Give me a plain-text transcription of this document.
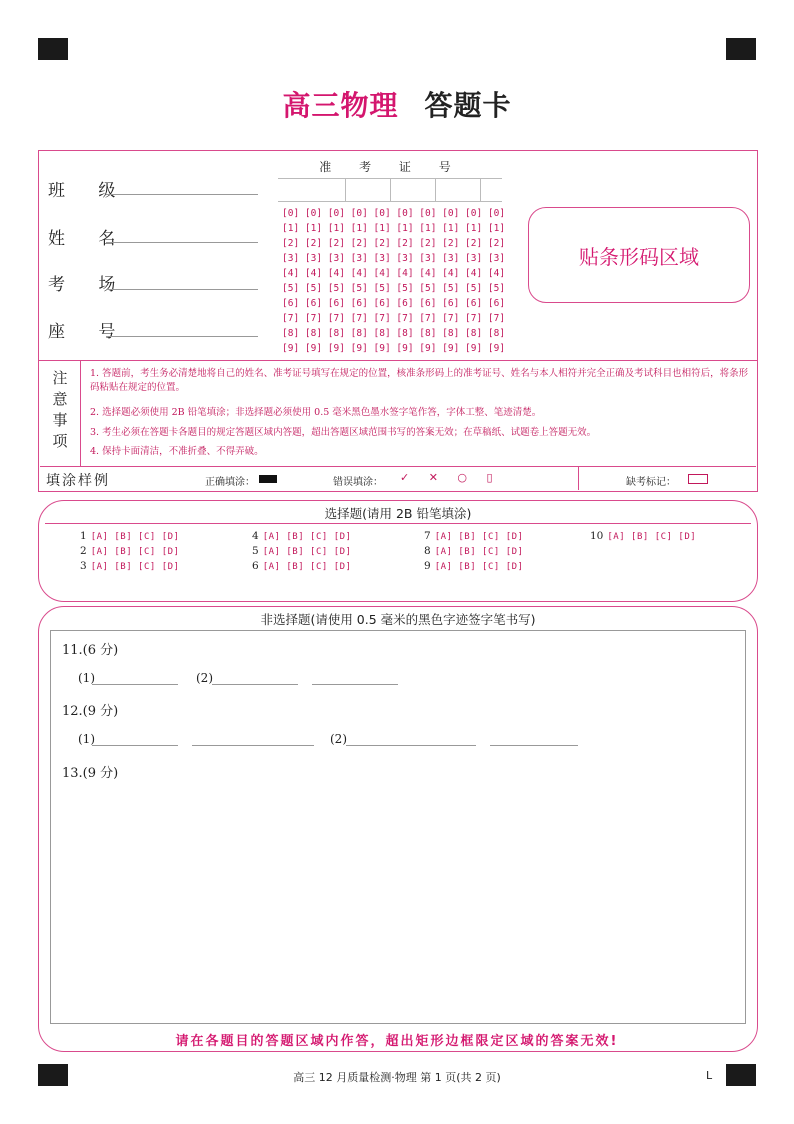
高三物理 答题卡
班 级
姓 名
考 场
座 号
准 考 证 号
[0] [0] [0] [0] [0] [0] [0] [0] [0] [0]
[1] [1] [1] [1] [1] [1] [1] [1] [1] [1]
[2] [2] [2] [2] [2] [2] [2] [2] [2] [2]
[3] [3] [3] [3] [3] [3] [3] [3] [3] [3]
[4] [4] [4] [4] [4] [4] [4] [4] [4] [4]
[5] [5] [5] [5] [5] [5] [5] [5] [5] [5]
[6] [6] [6] [6] [6] [6] [6] [6] [6] [6]
[7] [7] [7] [7] [7] [7] [7] [7] [7] [7]
[8] [8] [8] [8] [8] [8] [8] [8] [8] [8]
[9] [9] [9] [9] [9] [9] [9] [9] [9] [9]
贴条形码区域
注
意
事
项
1. 答题前，考生务必清楚地将自己的姓名、准考证号填写在规定的位置，核准条形码上的准考证号、姓名与本人相符并完全正确及考试科目也相符后，将条形码粘贴在规定的位置。
2. 选择题必须使用 2B 铅笔填涂；非选择题必须使用 0.5 毫米黑色墨水签字笔作答，字体工整、笔迹清楚。
3. 考生必须在答题卡各题目的规定答题区域内答题，超出答题区域范围书写的答案无效；在草稿纸、试题卷上答题无效。
4. 保持卡面清洁，不准折叠、不得弄破。
填涂样例	正确填涂：	错误填涂： ✓ ✕ ○ ▯	缺考标记：
选择题(请用 2B 铅笔填涂)
1 [A] [B] [C] [D]
2 [A] [B] [C] [D]
3 [A] [B] [C] [D]
4 [A] [B] [C] [D]
5 [A] [B] [C] [D]
6 [A] [B] [C] [D]
7 [A] [B] [C] [D]
8 [A] [B] [C] [D]
9 [A] [B] [C] [D]
10 [A] [B] [C] [D]
非选择题(请使用 0.5 毫米的黑色字迹签字笔书写)
11.(6 分)
(1)	(2)
12.(9 分)
(1)	(2)
13.(9 分)
请在各题目的答题区域内作答，超出矩形边框限定区域的答案无效!
高三 12 月质量检测·物理 第 1 页(共 2 页)	L
